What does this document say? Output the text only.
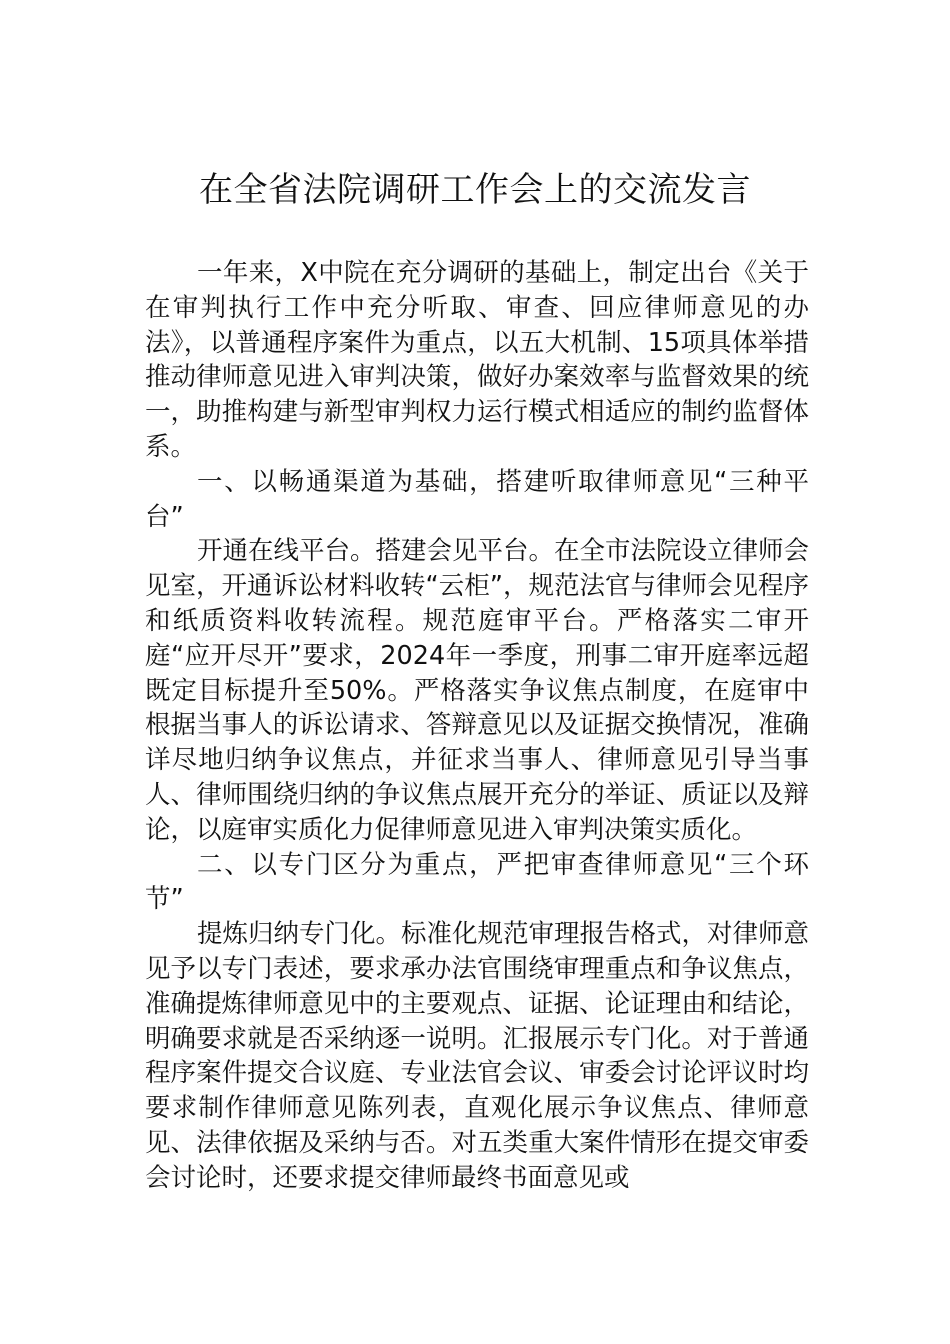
在全省法院调研工作会上的交流发言

一年来，X中院在充分调研的基础上，制定出台《关于在审判执行工作中充分听取、审查、回应律师意见的办法》，以普通程序案件为重点，以五大机制、15项具体举措推动律师意见进入审判决策，做好办案效率与监督效果的统一，助推构建与新型审判权力运行模式相适应的制约监督体系。

一、以畅通渠道为基础，搭建听取律师意见“三种平台”

开通在线平台。搭建会见平台。在全市法院设立律师会见室，开通诉讼材料收转“云柜”，规范法官与律师会见程序和纸质资料收转流程。规范庭审平台。严格落实二审开庭“应开尽开”要求，2024年一季度，刑事二审开庭率远超既定目标提升至50%。严格落实争议焦点制度，在庭审中根据当事人的诉讼请求、答辩意见以及证据交换情况，准确详尽地归纳争议焦点，并征求当事人、律师意见引导当事人、律师围绕归纳的争议焦点展开充分的举证、质证以及辩论，以庭审实质化力促律师意见进入审判决策实质化。

二、以专门区分为重点，严把审查律师意见“三个环节”

提炼归纳专门化。标准化规范审理报告格式，对律师意见予以专门表述，要求承办法官围绕审理重点和争议焦点，准确提炼律师意见中的主要观点、证据、论证理由和结论，明确要求就是否采纳逐一说明。汇报展示专门化。对于普通程序案件提交合议庭、专业法官会议、审委会讨论评议时均要求制作律师意见陈列表，直观化展示争议焦点、律师意见、法律依据及采纳与否。对五类重大案件情形在提交审委会讨论时，还要求提交律师最终书面意见或
